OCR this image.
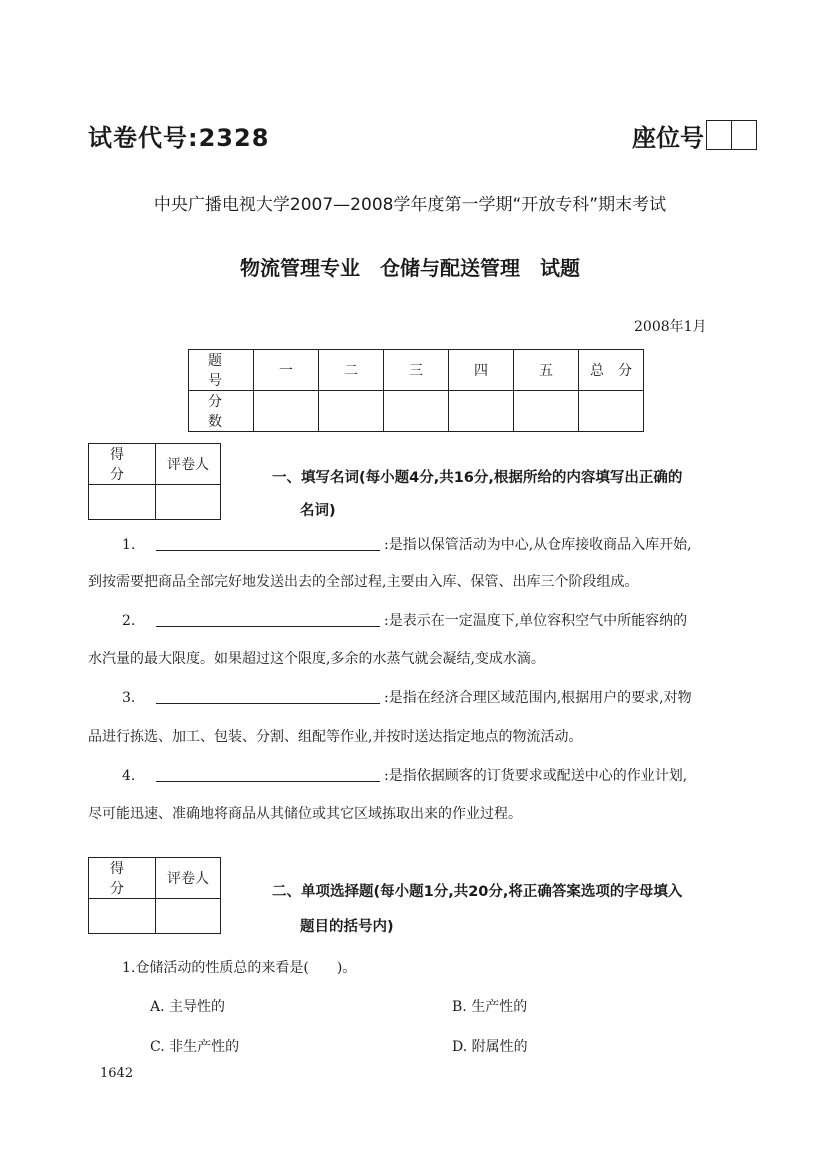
试卷代号:2328	座位号
中央广播电视大学2007—2008学年度第一学期“开放专科”期末考试
物流管理专业　仓储与配送管理　试题
2008年1月
题　号	一	二	三	四	五	总　分
分　数						
得　分	评卷人

一、填写名词(每小题4分,共16分,根据所给的内容填写出正确的
名词)
1.	:是指以保管活动为中心,从仓库接收商品入库开始,
到按需要把商品全部完好地发送出去的全部过程,主要由入库、保管、出库三个阶段组成。
2.	:是表示在一定温度下,单位容积空气中所能容纳的
水汽量的最大限度。如果超过这个限度,多余的水蒸气就会凝结,变成水滴。
3.	:是指在经济合理区域范围内,根据用户的要求,对物
品进行拣选、加工、包装、分割、组配等作业,并按时送达指定地点的物流活动。
4.	:是指依据顾客的订货要求或配送中心的作业计划,
尽可能迅速、准确地将商品从其储位或其它区域拣取出来的作业过程。
得　分	评卷人

二、单项选择题(每小题1分,共20分,将正确答案选项的字母填入
题目的括号内)
1.仓储活动的性质总的来看是(　　)。
A. 主导性的	B. 生产性的
C. 非生产性的	D. 附属性的
1642
